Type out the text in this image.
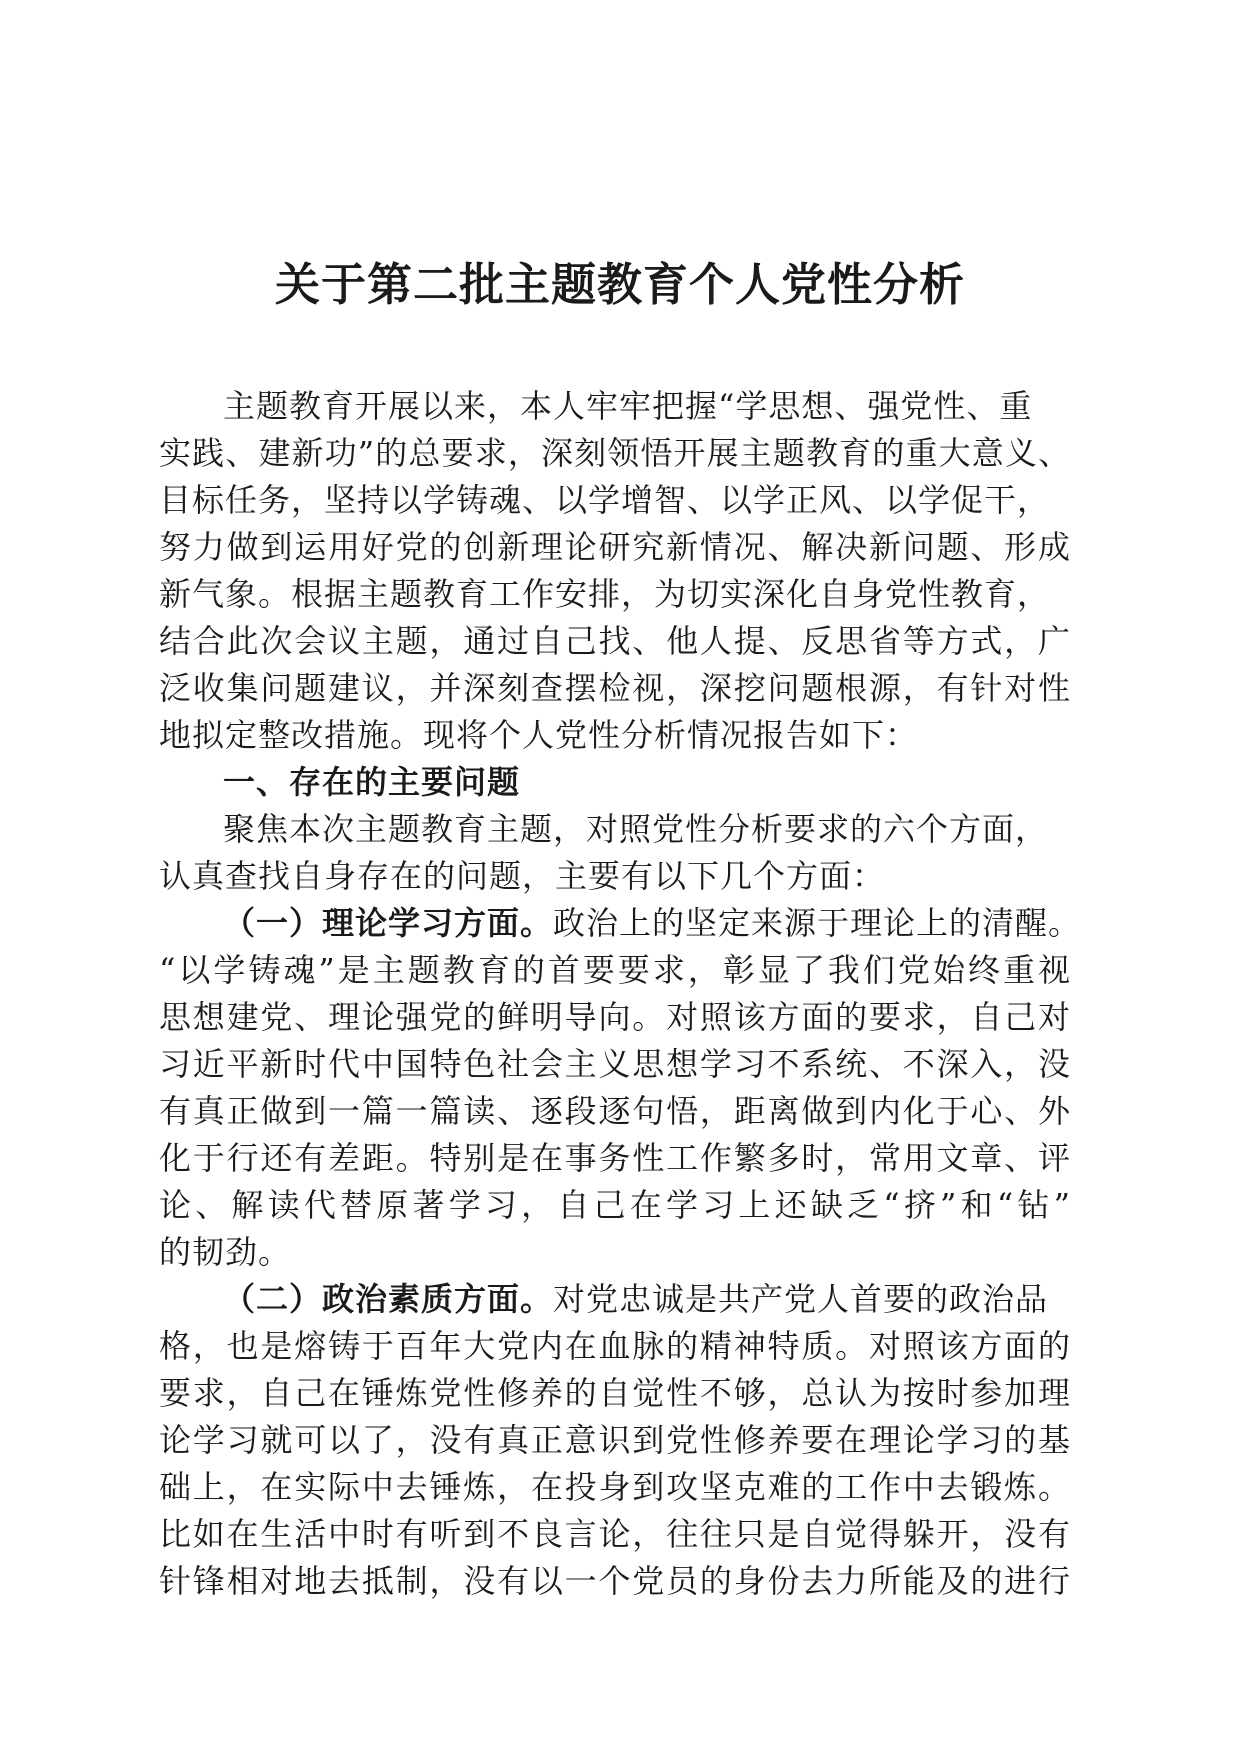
关于第二批主题教育个人党性分析
主题教育开展以来，本人牢牢把握“学思想、强党性、重
实践、建新功”的总要求，深刻领悟开展主题教育的重大意义、
目标任务，坚持以学铸魂、以学增智、以学正风、以学促干，
努力做到运用好党的创新理论研究新情况、解决新问题、形成
新气象。根据主题教育工作安排，为切实深化自身党性教育，
结合此次会议主题，通过自己找、他人提、反思省等方式，广
泛收集问题建议，并深刻查摆检视，深挖问题根源，有针对性
地拟定整改措施。现将个人党性分析情况报告如下：
一、存在的主要问题
聚焦本次主题教育主题，对照党性分析要求的六个方面，
认真查找自身存在的问题，主要有以下几个方面：
（一）理论学习方面。政治上的坚定来源于理论上的清醒。
“以学铸魂”是主题教育的首要要求，彰显了我们党始终重视
思想建党、理论强党的鲜明导向。对照该方面的要求，自己对
习近平新时代中国特色社会主义思想学习不系统、不深入，没
有真正做到一篇一篇读、逐段逐句悟，距离做到内化于心、外
化于行还有差距。特别是在事务性工作繁多时，常用文章、评
论、解读代替原著学习，自己在学习上还缺乏“挤”和“钻”
的韧劲。
（二）政治素质方面。对党忠诚是共产党人首要的政治品
格，也是熔铸于百年大党内在血脉的精神特质。对照该方面的
要求，自己在锤炼党性修养的自觉性不够，总认为按时参加理
论学习就可以了，没有真正意识到党性修养要在理论学习的基
础上，在实际中去锤炼，在投身到攻坚克难的工作中去锻炼。
比如在生活中时有听到不良言论，往往只是自觉得躲开，没有
针锋相对地去抵制，没有以一个党员的身份去力所能及的进行
